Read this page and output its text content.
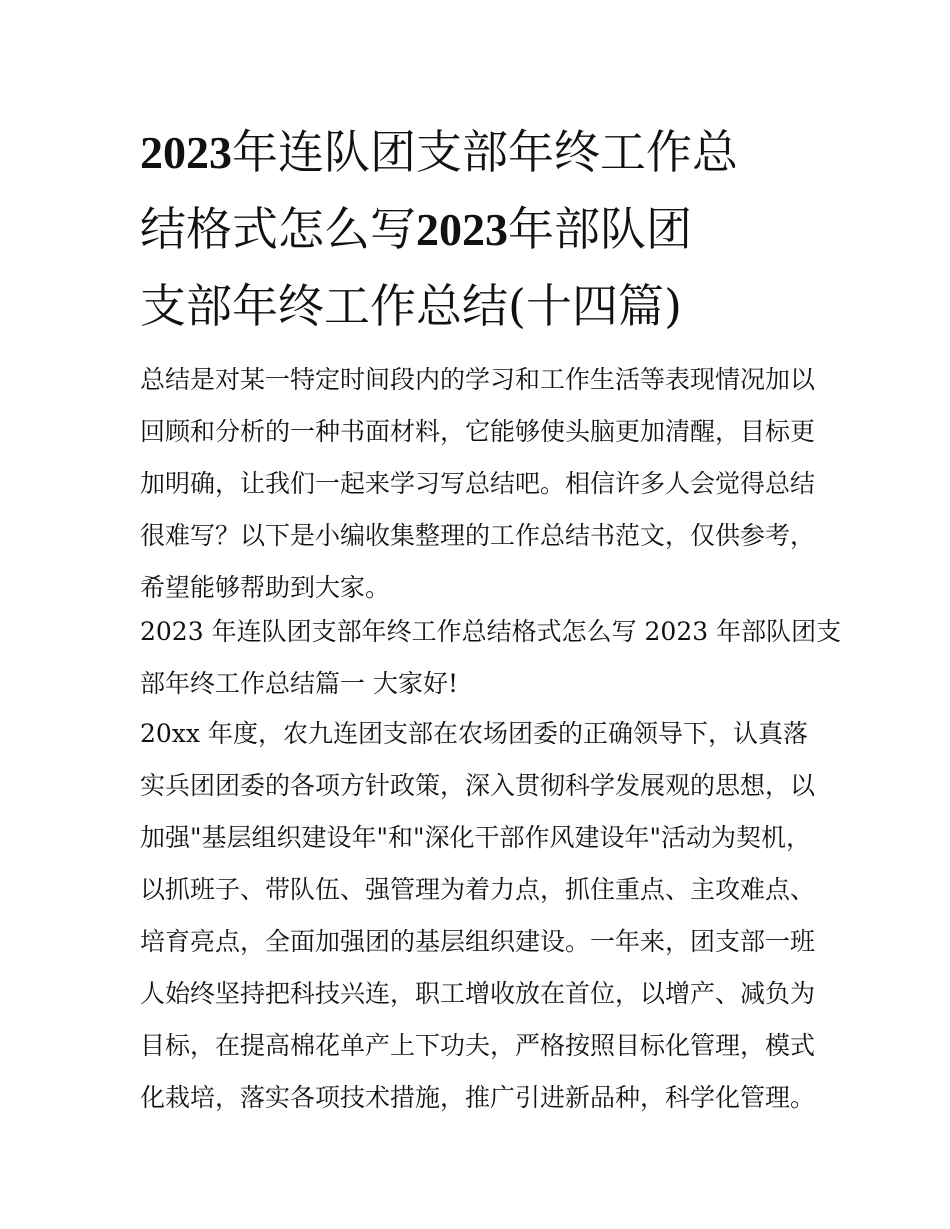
2023年连队团支部年终工作总
结格式怎么写2023年部队团
支部年终工作总结(十四篇)

总结是对某一特定时间段内的学习和工作生活等表现情况加以
回顾和分析的一种书面材料，它能够使头脑更加清醒，目标更
加明确，让我们一起来学习写总结吧。相信许多人会觉得总结
很难写？以下是小编收集整理的工作总结书范文，仅供参考，
希望能够帮助到大家。

2023 年连队团支部年终工作总结格式怎么写 2023 年部队团支
部年终工作总结篇一 大家好!

20xx 年度，农九连团支部在农场团委的正确领导下，认真落
实兵团团委的各项方针政策，深入贯彻科学发展观的思想，以
加强"基层组织建设年"和"深化干部作风建设年"活动为契机，
以抓班子、带队伍、强管理为着力点，抓住重点、主攻难点、
培育亮点，全面加强团的基层组织建设。一年来，团支部一班
人始终坚持把科技兴连，职工增收放在首位，以增产、减负为
目标，在提高棉花单产上下功夫，严格按照目标化管理，模式
化栽培，落实各项技术措施，推广引进新品种，科学化管理。
